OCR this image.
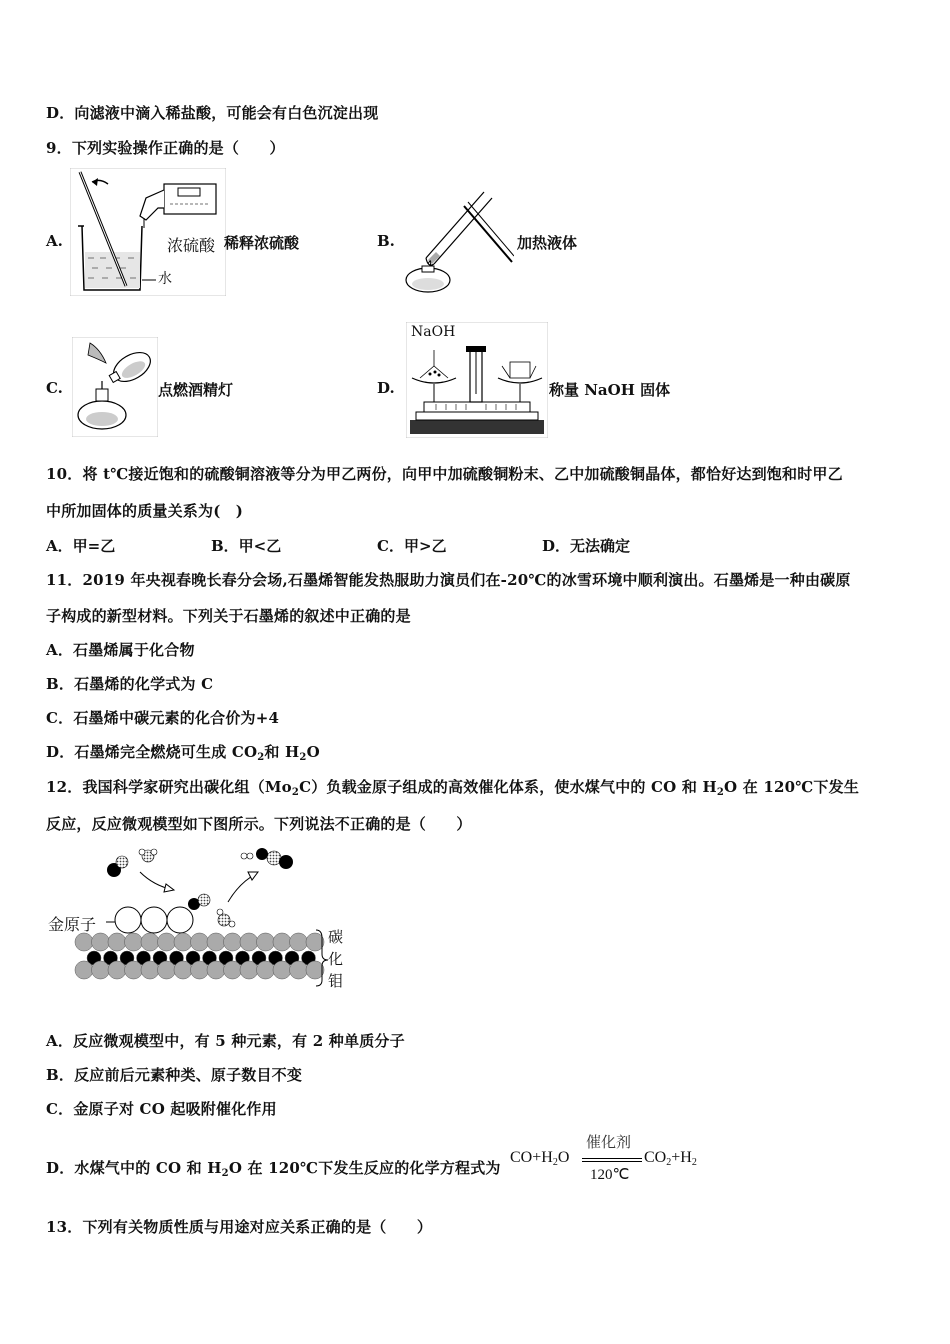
D．向滤液中滴入稀盐酸，可能会有白色沉淀出现
9．下列实验操作正确的是（　　）
A.	浓硫酸
水
稀释浓硫酸	B.	加热液体
C.	点燃酒精灯	D.
NaOH
称量 NaOH 固体
10．将 t℃接近饱和的硫酸铜溶液等分为甲乙两份，向甲中加硫酸铜粉末、乙中加硫酸铜晶体，都恰好达到饱和时甲乙
中所加固体的质量关系为(　)
A．甲=乙	B．甲<乙	C．甲>乙	D．无法确定
11．2019 年央视春晚长春分会场,石墨烯智能发热服助力演员们在-20℃的冰雪环境中顺利演出。石墨烯是一种由碳原
子构成的新型材料。下列关于石墨烯的叙述中正确的是
A．石墨烯属于化合物
B．石墨烯的化学式为 C
C．石墨烯中碳元素的化合价为+4
D．石墨烯完全燃烧可生成 $CO_2$和 $H_2O$
12．我国科学家研究出碳化组$(Mo_2C)$负载金原子组成的高效催化体系，使水煤气中的 CO 和 $H_2O$ 在 120℃下发生
反应，反应微观模型如下图所示。下列说法不正确的是（　　）
金原子
碳
化
钼
A．反应微观模型中，有 5 种元素，有 2 种单质分子
B．反应前后元素种类、原子数目不变
C．金原子对 CO 起吸附催化作用
D．水煤气中的 CO 和 $H_2O$ 在 120℃下发生反应的化学方程式为
$CO+H_2O$
催化剂
120℃
$CO_2+H_2$
13．下列有关物质性质与用途对应关系正确的是（　　）
